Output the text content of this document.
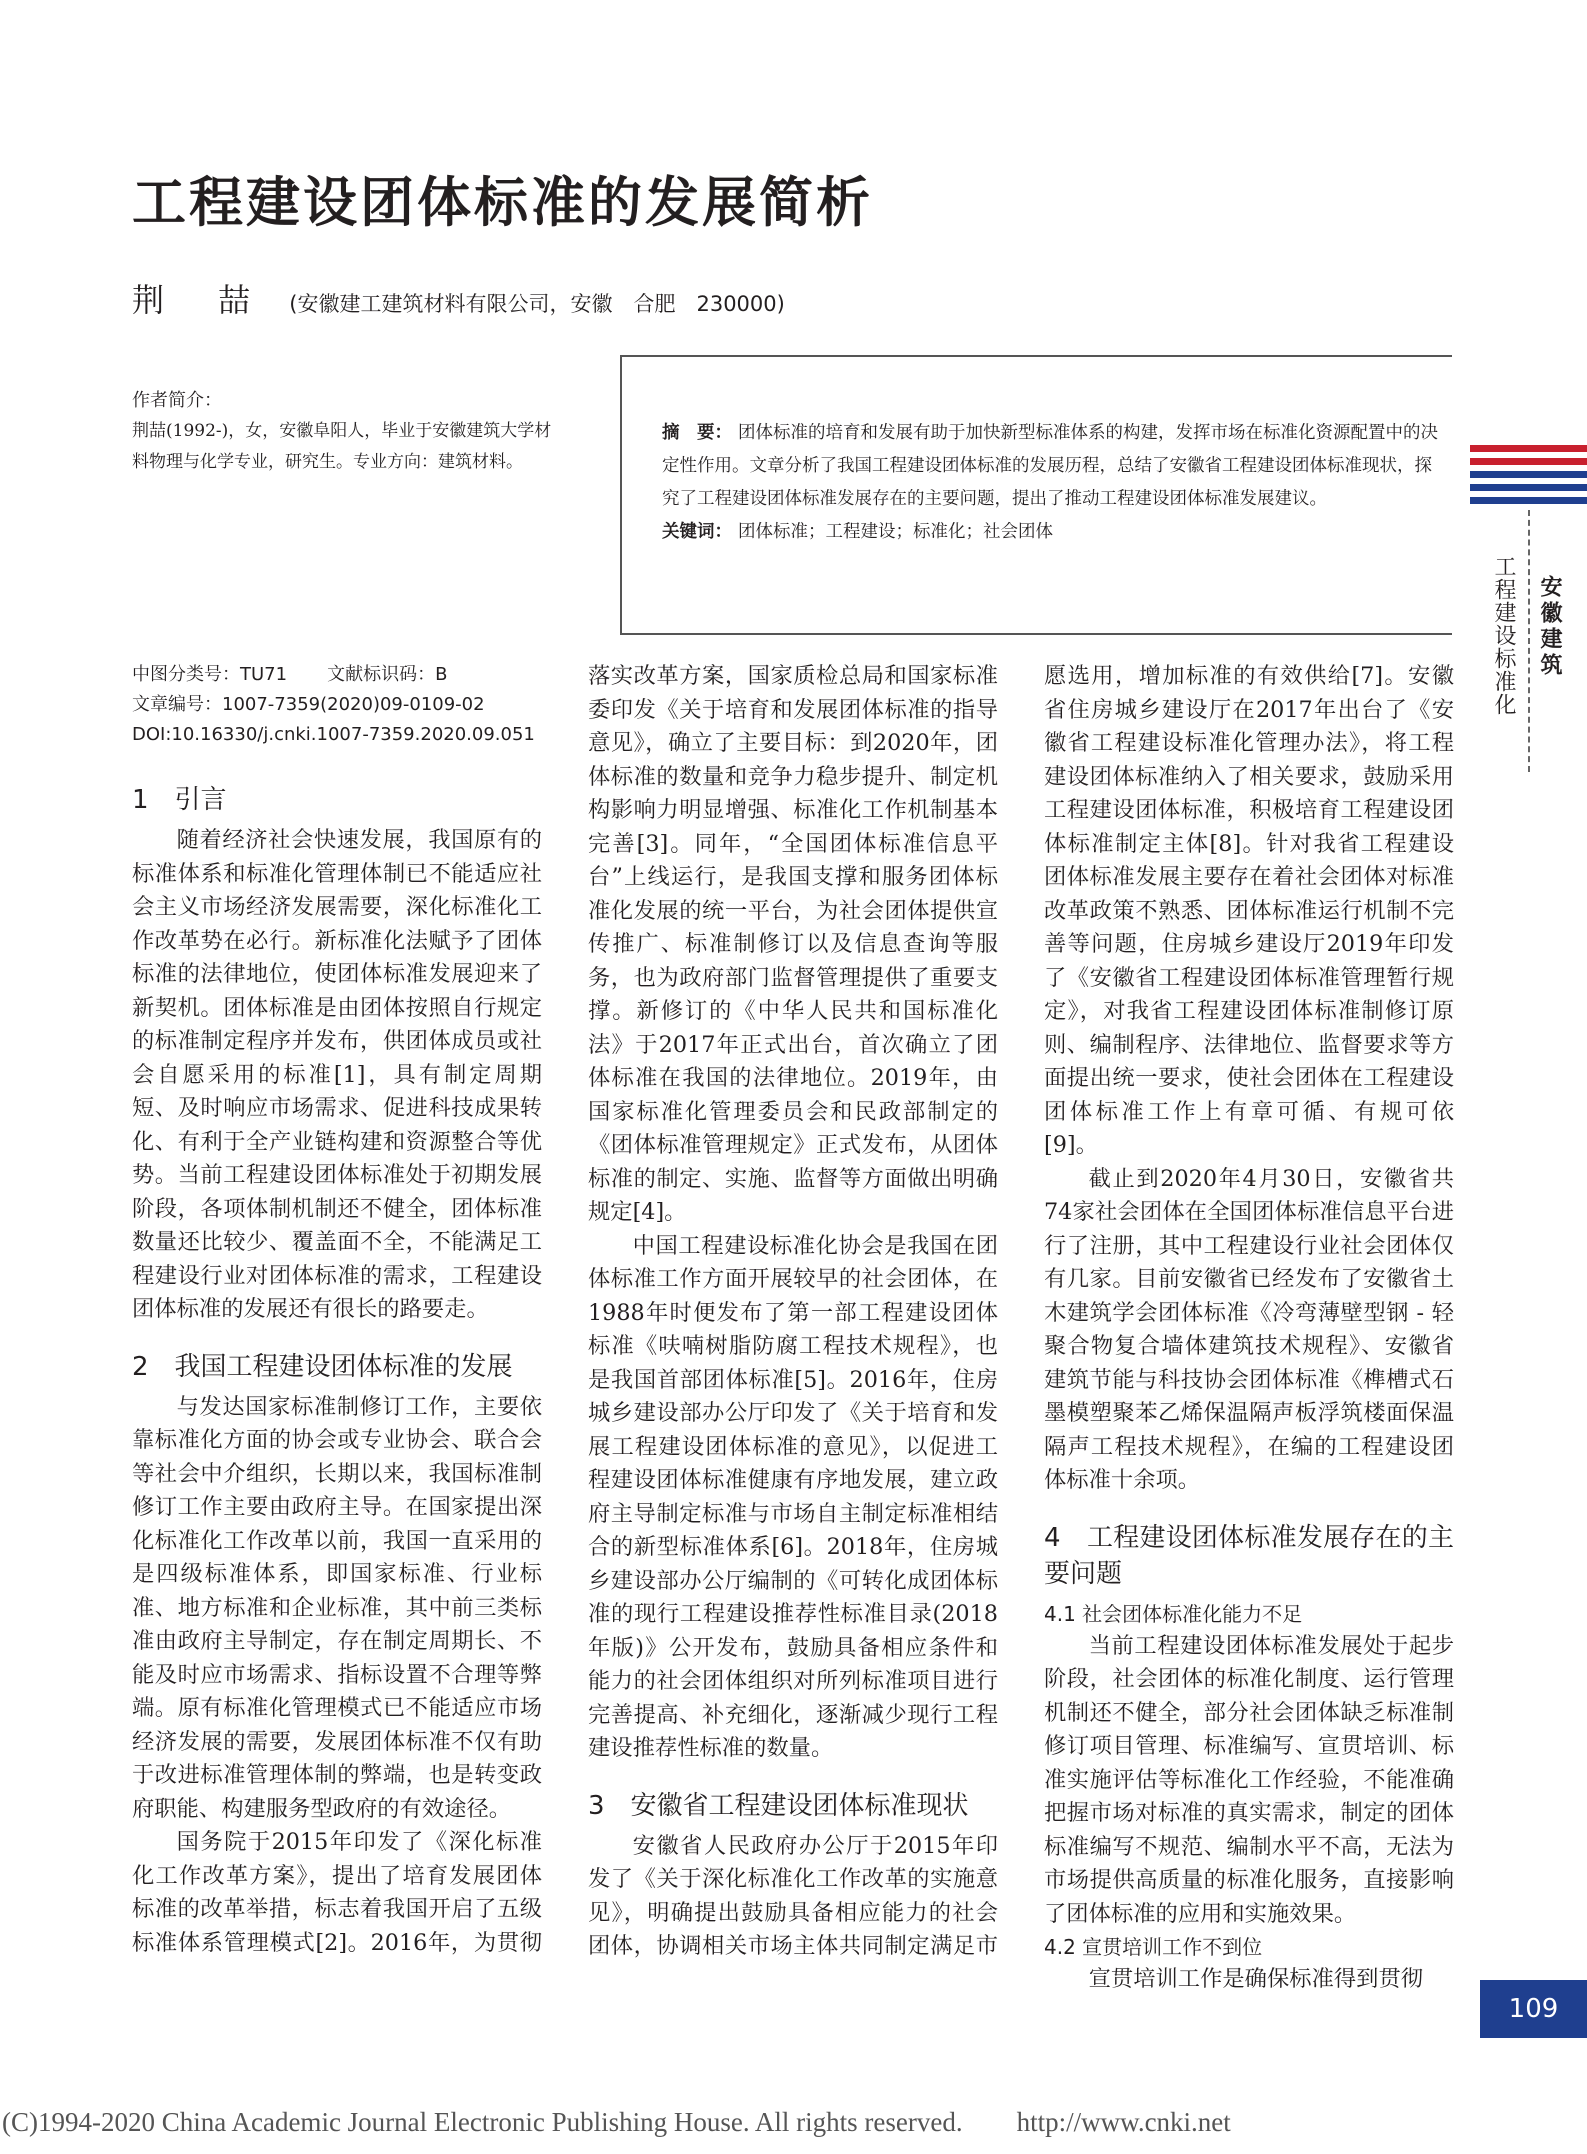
工程建设团体标准的发展简析
荆 喆 (安徽建工建筑材料有限公司，安徽　合肥　230000)
作者简介：
荆喆(1992-)，女，安徽阜阳人，毕业于安徽建筑大学材料物理与化学专业，研究生。专业方向：建筑材料。
摘　要： 团体标准的培育和发展有助于加快新型标准体系的构建，发挥市场在标准化资源配置中的决定性作用。文章分析了我国工程建设团体标准的发展历程，总结了安徽省工程建设团体标准现状，探究了工程建设团体标准发展存在的主要问题，提出了推动工程建设团体标准发展建议。
关键词： 团体标准；工程建设；标准化；社会团体
工程建设标准化 安徽建筑
中图分类号：TU71 文献标识码：B
文章编号：1007-7359(2020)09-0109-02
DOI:10.16330/j.cnki.1007-7359.2020.09.051
1　引言

随着经济社会快速发展，我国原有的标准体系和标准化管理体制已不能适应社会主义市场经济发展需要，深化标准化工作改革势在必行。新标准化法赋予了团体标准的法律地位，使团体标准发展迎来了新契机。团体标准是由团体按照自行规定的标准制定程序并发布，供团体成员或社会自愿采用的标准[1]，具有制定周期短、及时响应市场需求、促进科技成果转化、有利于全产业链构建和资源整合等优势。当前工程建设团体标准处于初期发展阶段，各项体制机制还不健全，团体标准数量还比较少、覆盖面不全，不能满足工程建设行业对团体标准的需求，工程建设团体标准的发展还有很长的路要走。

2　我国工程建设团体标准的发展

与发达国家标准制修订工作，主要依靠标准化方面的协会或专业协会、联合会等社会中介组织，长期以来，我国标准制修订工作主要由政府主导。在国家提出深化标准化工作改革以前，我国一直采用的是四级标准体系，即国家标准、行业标准、地方标准和企业标准，其中前三类标准由政府主导制定，存在制定周期长、不能及时应市场需求、指标设置不合理等弊端。原有标准化管理模式已不能适应市场经济发展的需要，发展团体标准不仅有助于改进标准管理体制的弊端，也是转变政府职能、构建服务型政府的有效途径。

国务院于2015年印发了《深化标准化工作改革方案》，提出了培育发展团体标准的改革举措，标志着我国开启了五级标准体系管理模式[2]。2016年，为贯彻

落实改革方案，国家质检总局和国家标准委印发《关于培育和发展团体标准的指导意见》，确立了主要目标：到2020年，团体标准的数量和竞争力稳步提升、制定机构影响力明显增强、标准化工作机制基本完善[3]。同年，“全国团体标准信息平台”上线运行，是我国支撑和服务团体标准化发展的统一平台，为社会团体提供宣传推广、标准制修订以及信息查询等服务，也为政府部门监督管理提供了重要支撑。新修订的《中华人民共和国标准化法》于2017年正式出台，首次确立了团体标准在我国的法律地位。2019年，由国家标准化管理委员会和民政部制定的《团体标准管理规定》正式发布，从团体标准的制定、实施、监督等方面做出明确规定[4]。

中国工程建设标准化协会是我国在团体标准工作方面开展较早的社会团体，在1988年时便发布了第一部工程建设团体标准《呋喃树脂防腐工程技术规程》，也是我国首部团体标准[5]。2016年，住房城乡建设部办公厅印发了《关于培育和发展工程建设团体标准的意见》，以促进工程建设团体标准健康有序地发展，建立政府主导制定标准与市场自主制定标准相结合的新型标准体系[6]。2018年，住房城乡建设部办公厅编制的《可转化成团体标准的现行工程建设推荐性标准目录(2018年版)》公开发布，鼓励具备相应条件和能力的社会团体组织对所列标准项目进行完善提高、补充细化，逐渐减少现行工程建设推荐性标准的数量。

3　安徽省工程建设团体标准现状

安徽省人民政府办公厅于2015年印发了《关于深化标准化工作改革的实施意见》，明确提出鼓励具备相应能力的社会团体，协调相关市场主体共同制定满足市

愿选用，增加标准的有效供给[7]。安徽省住房城乡建设厅在2017年出台了《安徽省工程建设标准化管理办法》，将工程建设团体标准纳入了相关要求，鼓励采用工程建设团体标准，积极培育工程建设团体标准制定主体[8]。针对我省工程建设团体标准发展主要存在着社会团体对标准改革政策不熟悉、团体标准运行机制不完善等问题，住房城乡建设厅2019年印发了《安徽省工程建设团体标准管理暂行规定》，对我省工程建设团体标准制修订原则、编制程序、法律地位、监督要求等方面提出统一要求，使社会团体在工程建设团体标准工作上有章可循、有规可依[9]。

截止到2020年4月30日，安徽省共74家社会团体在全国团体标准信息平台进行了注册，其中工程建设行业社会团体仅有几家。目前安徽省已经发布了安徽省土木建筑学会团体标准《冷弯薄壁型钢 - 轻聚合物复合墙体建筑技术规程》、安徽省建筑节能与科技协会团体标准《榫槽式石墨模塑聚苯乙烯保温隔声板浮筑楼面保温隔声工程技术规程》，在编的工程建设团体标准十余项。

4　工程建设团体标准发展存在的主要问题
4.1 社会团体标准化能力不足

当前工程建设团体标准发展处于起步阶段，社会团体的标准化制度、运行管理机制还不健全，部分社会团体缺乏标准制修订项目管理、标准编写、宣贯培训、标准实施评估等标准化工作经验，不能准确把握市场对标准的真实需求，制定的团体标准编写不规范、编制水平不高，无法为市场提供高质量的标准化服务，直接影响了团体标准的应用和实施效果。

4.2 宣贯培训工作不到位

宣贯培训工作是确保标准得到贯彻

109
(C)1994-2020 China Academic Journal Electronic Publishing House. All rights reserved.　　http://www.cnki.net
